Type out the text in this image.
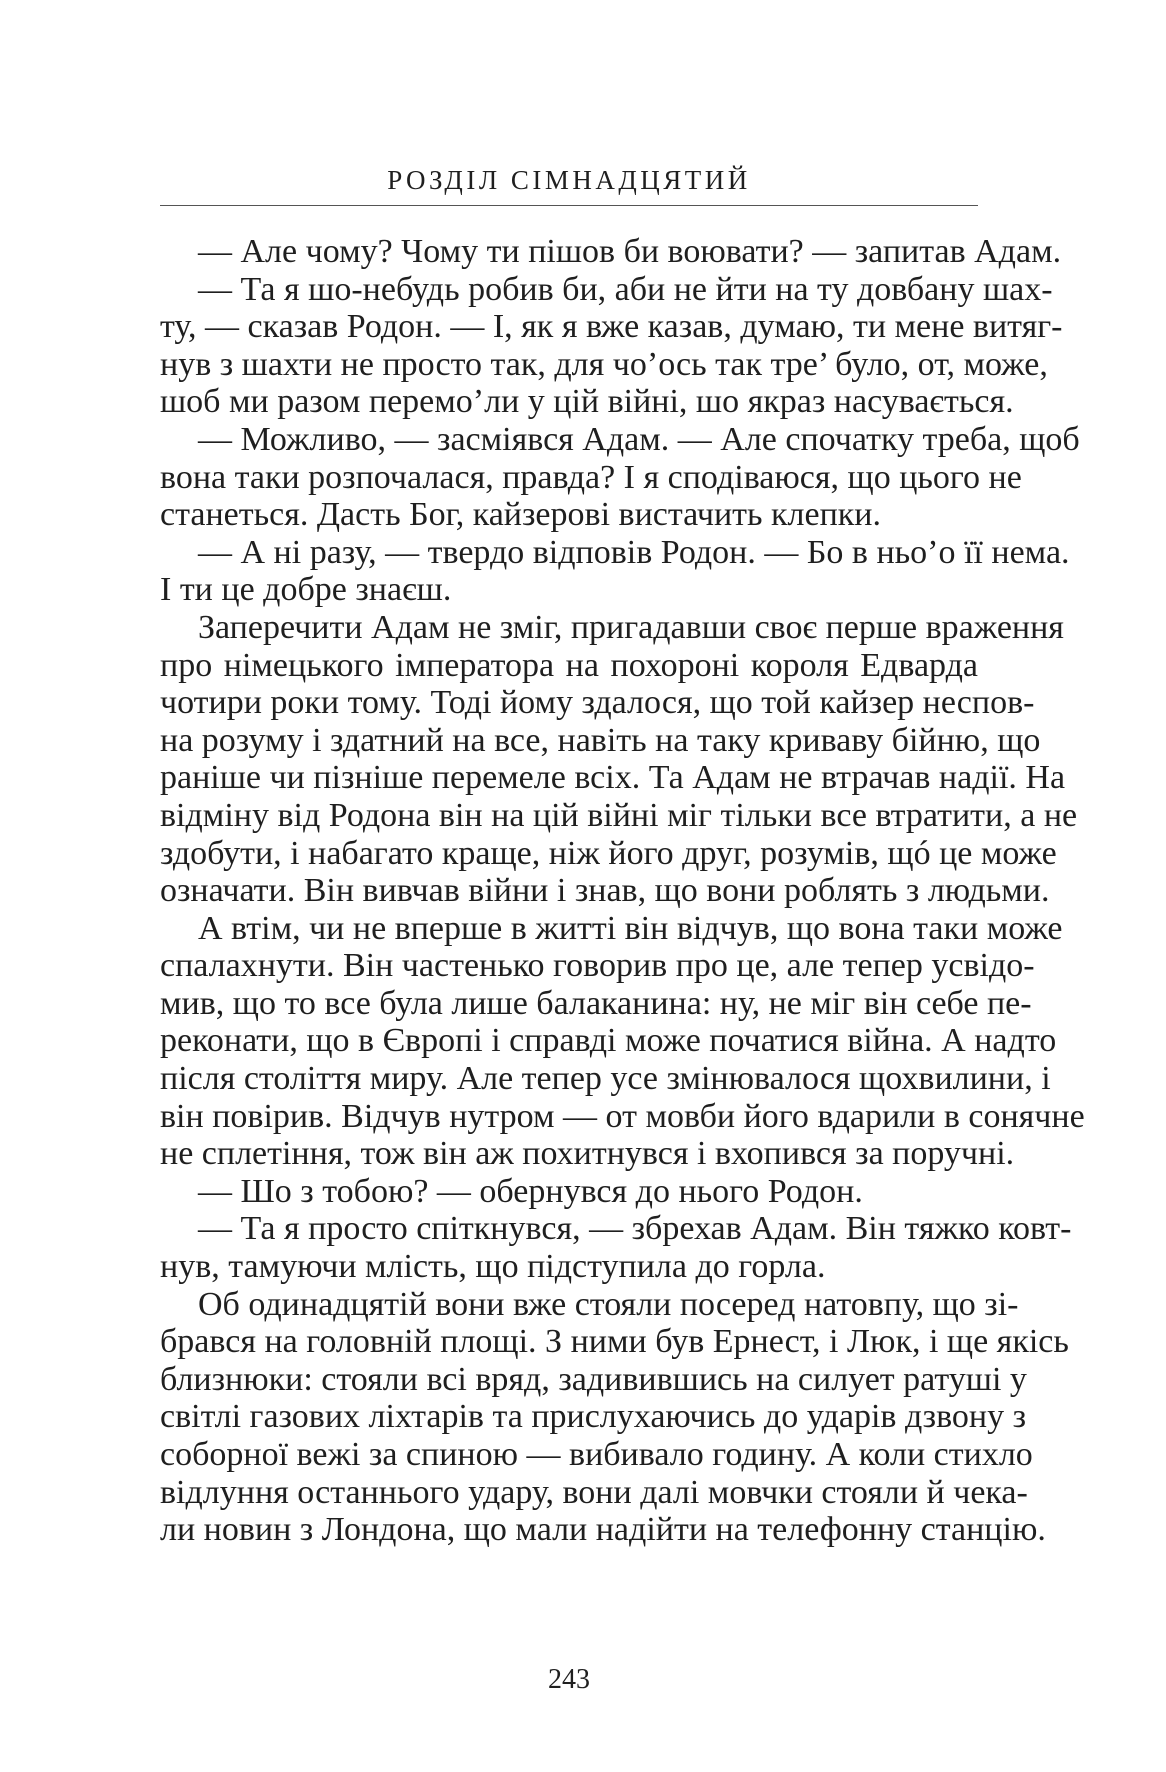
РОЗДІЛ СІМНАДЦЯТИЙ
— Але чому? Чому ти пішов би воювати? — запитав Адам.
— Та я шо-небудь робив би, аби не йти на ту довбану шах-
ту, — сказав Родон. — І, як я вже казав, думаю, ти мене витяг-
нув з шахти не просто так, для чо’ось так тре’ було, от, може,
шоб ми разом перемо’ли у цій війні, шо якраз насувається.
— Можливо, — засміявся Адам. — Але спочатку треба, щоб
вона таки розпочалася, правда? І я сподіваюся, що цього не
станеться. Дасть Бог, кайзерові вистачить клепки.
— А ні разу, — твердо відповів Родон. — Бо в ньо’о її нема.
І ти це добре знаєш.
Заперечити Адам не зміг, пригадавши своє перше враження
про німецького імператора на похороні короля Едварда
чотири роки тому. Тоді йому здалося, що той кайзер неспов-
на розуму і здатний на все, навіть на таку криваву бійню, що
раніше чи пізніше перемеле всіх. Та Адам не втрачав надії. На
відміну від Родона він на цій війні міг тільки все втратити, а не
здобути, і набагато краще, ніж його друг, розумів, щó це може
означати. Він вивчав війни і знав, що вони роблять з людьми.
А втім, чи не вперше в житті він відчув, що вона таки може
спалахнути. Він частенько говорив про це, але тепер усвідо-
мив, що то все була лише балаканина: ну, не міг він себе пе-
реконати, що в Європі і справді може початися війна. А надто
після століття миру. Але тепер усе змінювалося щохвилини, і
він повірив. Відчув нутром — от мовби його вдарили в сонячне
не сплетіння, тож він аж похитнувся і вхопився за поручні.
— Шо з тобою? — обернувся до нього Родон.
— Та я просто спіткнувся, — збрехав Адам. Він тяжко ковт-
нув, тамуючи млість, що підступила до горла.
Об одинадцятій вони вже стояли посеред натовпу, що зі-
брався на головній площі. З ними був Ернест, і Люк, і ще якісь
близнюки: стояли всі вряд, задивившись на силует ратуші у
світлі газових ліхтарів та прислухаючись до ударів дзвону з
соборної вежі за спиною — вибивало годину. А коли стихло
відлуння останнього удару, вони далі мовчки стояли й чека-
ли новин з Лондона, що мали надійти на телефонну станцію.
243
